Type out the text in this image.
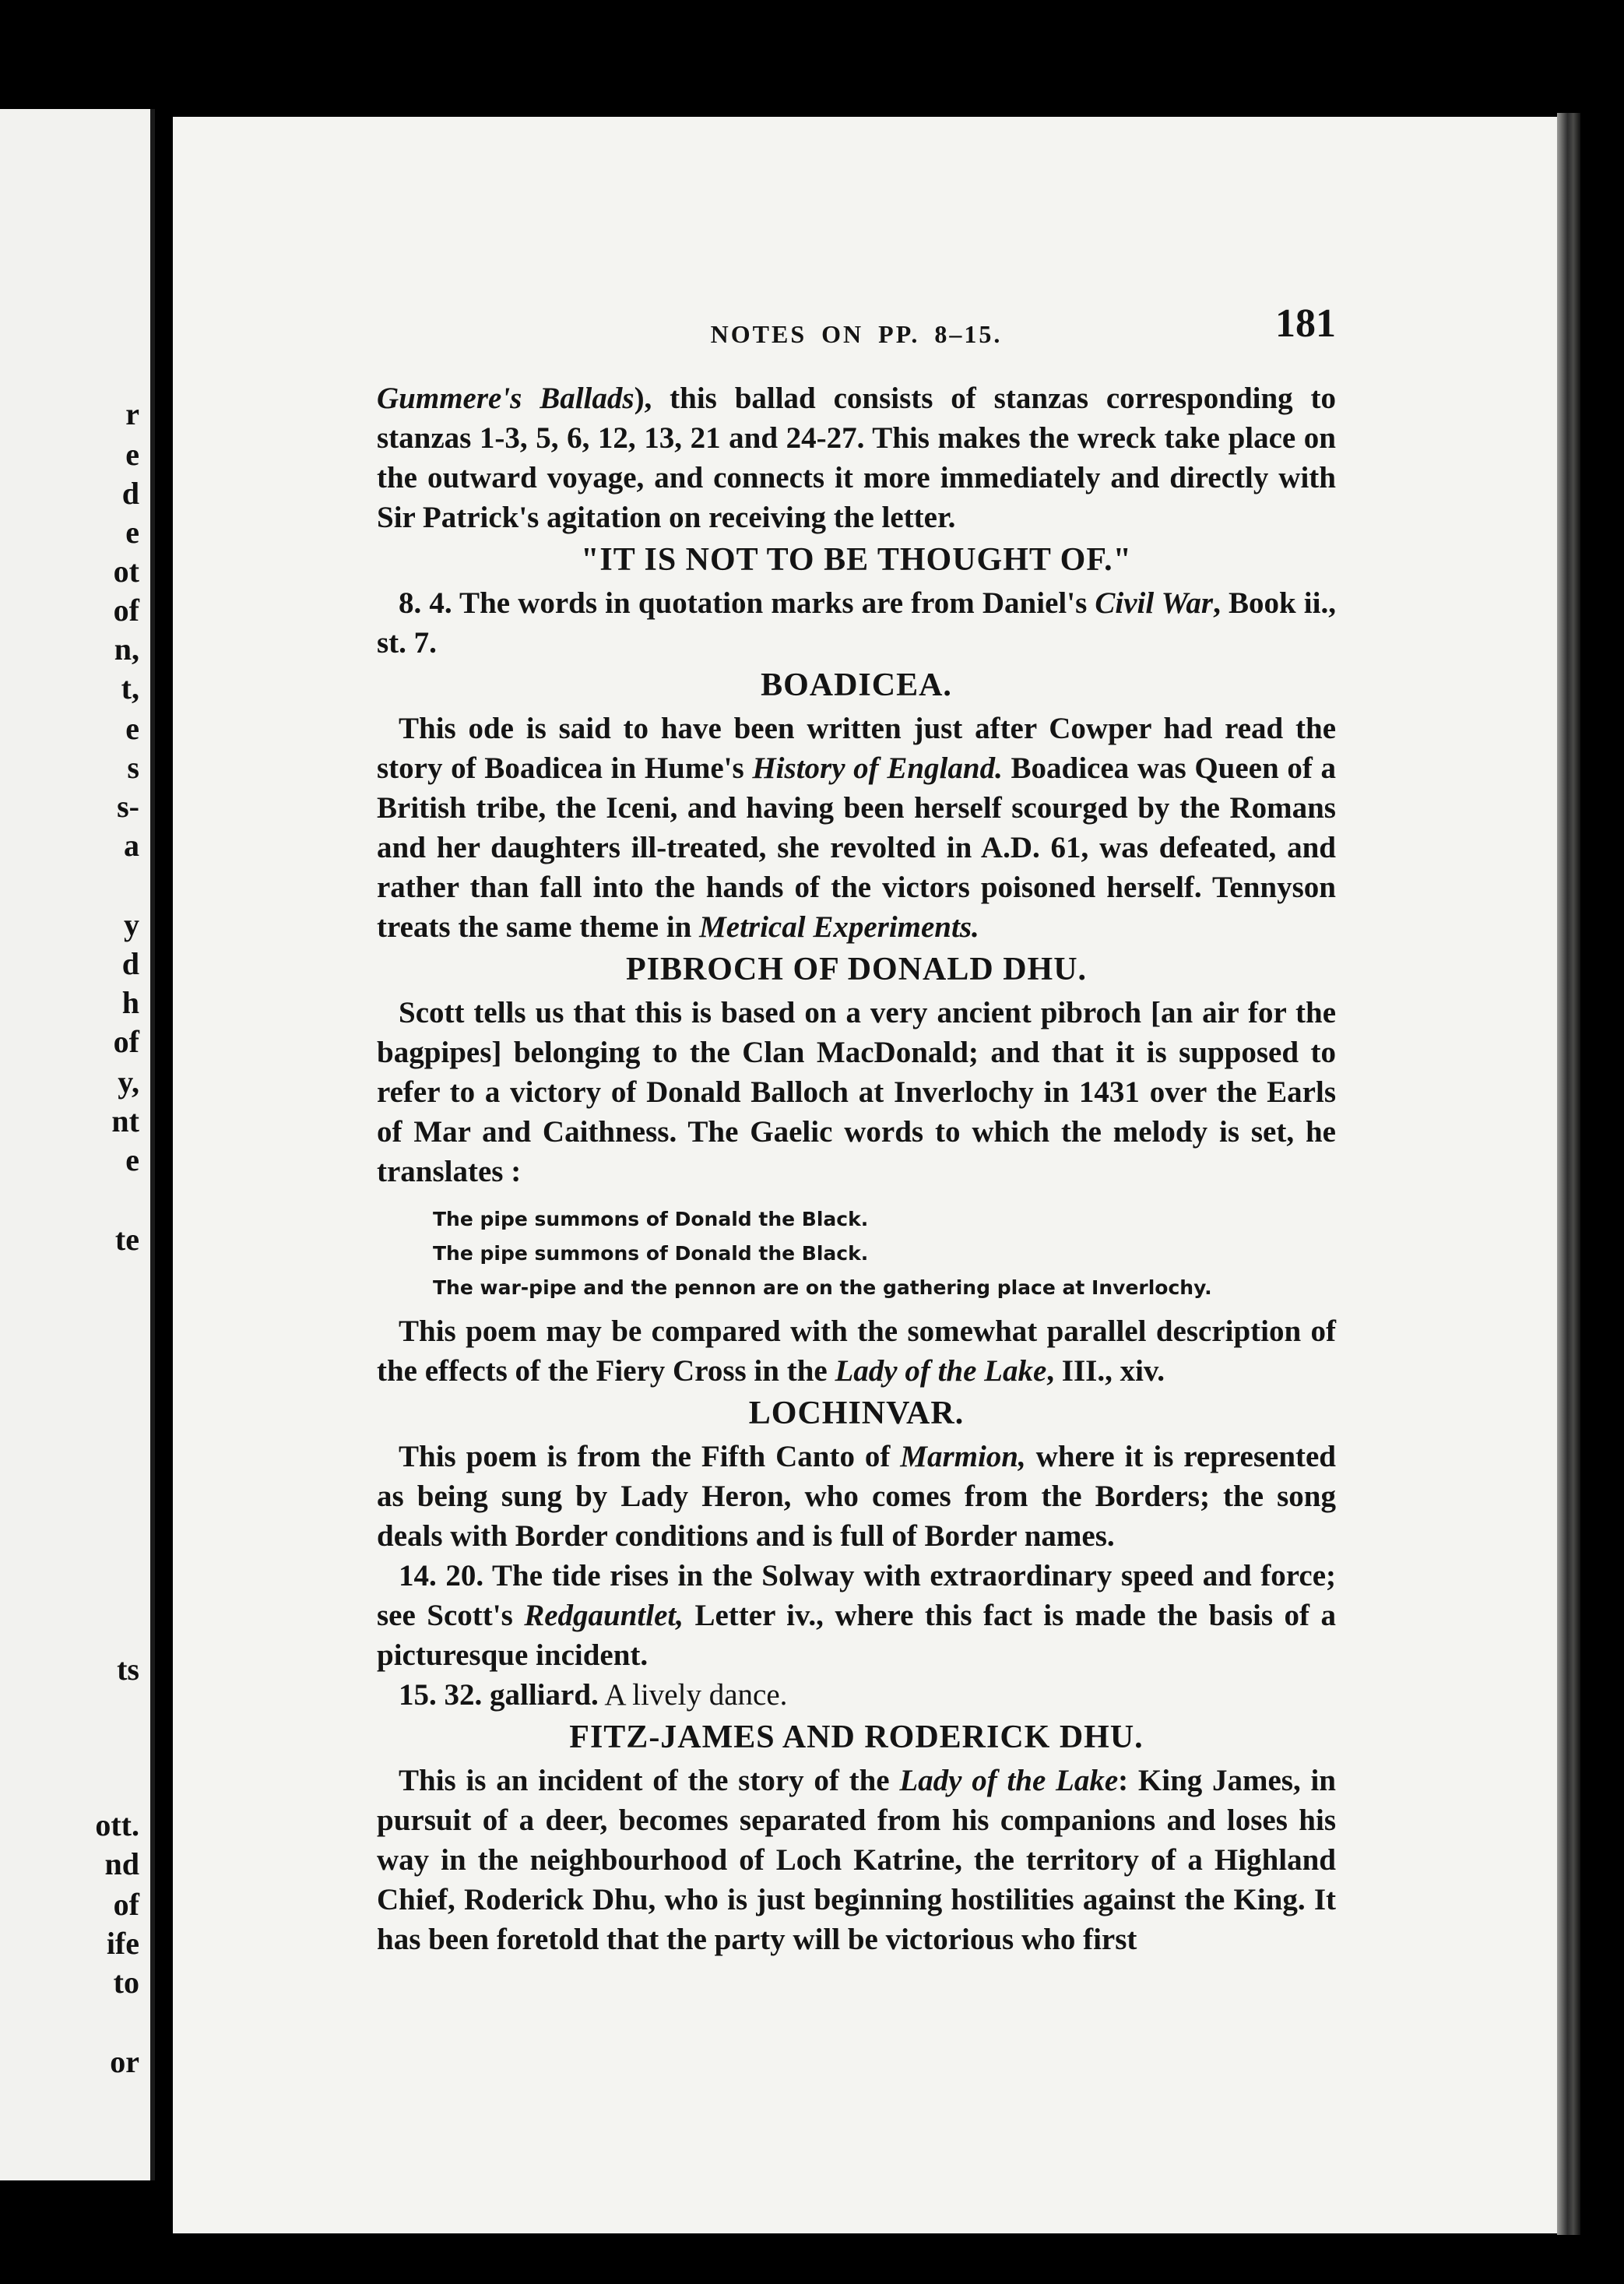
r
e
d
e
ot
of
n,
t,
e
s
s-
a
y
d
h
of
y,
nt
e
te
ts
ott.
nd
of
ife
to
or
NOTES ON PP. 8–15.	181

Gummere's Ballads), this ballad consists of stanzas corresponding to stanzas 1-3, 5, 6, 12, 13, 21 and 24-27. This makes the wreck take place on the outward voyage, and connects it more immediately and directly with Sir Patrick's agitation on receiving the letter.

"IT IS NOT TO BE THOUGHT OF."

8. 4. The words in quotation marks are from Daniel's Civil War, Book ii., st. 7.

BOADICEA.

This ode is said to have been written just after Cowper had read the story of Boadicea in Hume's History of England. Boadicea was Queen of a British tribe, the Iceni, and having been herself scourged by the Romans and her daughters ill-treated, she revolted in A.D. 61, was defeated, and rather than fall into the hands of the victors poisoned herself. Tennyson treats the same theme in Metrical Experiments.

PIBROCH OF DONALD DHU.

Scott tells us that this is based on a very ancient pibroch [an air for the bagpipes] belonging to the Clan MacDonald; and that it is supposed to refer to a victory of Donald Balloch at Inverlochy in 1431 over the Earls of Mar and Caithness. The Gaelic words to which the melody is set, he translates :

The pipe summons of Donald the Black.
The pipe summons of Donald the Black.
The war-pipe and the pennon are on the gathering place at Inverlochy.

This poem may be compared with the somewhat parallel description of the effects of the Fiery Cross in the Lady of the Lake, III., xiv.

LOCHINVAR.

This poem is from the Fifth Canto of Marmion, where it is represented as being sung by Lady Heron, who comes from the Borders; the song deals with Border conditions and is full of Border names.

14. 20. The tide rises in the Solway with extraordinary speed and force; see Scott's Redgauntlet, Letter iv., where this fact is made the basis of a picturesque incident.

15. 32. galliard. A lively dance.

FITZ-JAMES AND RODERICK DHU.

This is an incident of the story of the Lady of the Lake: King James, in pursuit of a deer, becomes separated from his companions and loses his way in the neighbourhood of Loch Katrine, the territory of a Highland Chief, Roderick Dhu, who is just beginning hostilities against the King. It has been foretold that the party will be victorious who first
